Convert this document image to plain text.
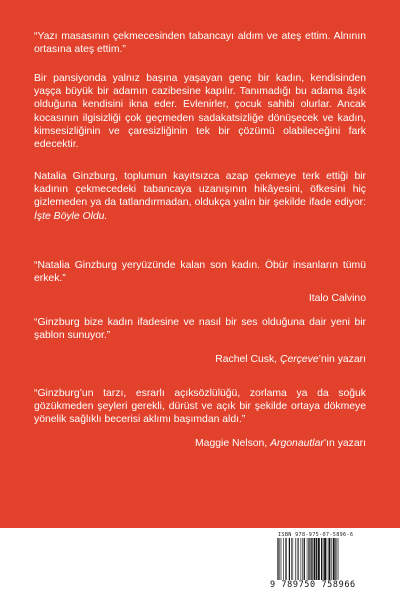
“Yazı masasının çekmecesinden tabancayı aldım ve ateş ettim. Alnının ortasına ateş ettim.”

Bir pansiyonda yalnız başına yaşayan genç bir kadın, kendisinden yaşça büyük bir adamın cazibesine kapılır. Tanımadığı bu adama âşık olduğuna kendisini ikna eder. Evlenirler, çocuk sahibi olurlar. Ancak kocasının ilgisizliği çok geçmeden sadakatsizliğe dönüşecek ve kadın, kimsesizliğinin ve çaresizliğinin tek bir çözümü olabileceğini fark edecektir.

Natalia Ginzburg, toplumun kayıtsızca azap çekmeye terk ettiği bir kadının çekmecedeki tabancaya uzanışının hikâyesini, öfkesini hiç gizlemeden ya da tatlandırmadan, oldukça yalın bir şekilde ifade ediyor: İşte Böyle Oldu.

“Natalia Ginzburg yeryüzünde kalan son kadın. Öbür insanların tümü erkek.”

Italo Calvino

“Ginzburg bize kadın ifadesine ve nasıl bir ses olduğuna dair yeni bir şablon sunuyor.”

Rachel Cusk, Çerçeve’nin yazarı

“Ginzburg’un tarzı, esrarlı açıksözlülüğü, zorlama ya da soğuk gözükmeden şeyleri gerekli, dürüst ve açık bir şekilde ortaya dökmeye yönelik sağlıklı becerisi aklımı başımdan aldı.”

Maggie Nelson, Argonautlar’ın yazarı

ISBN 978-975-07-5896-6
9 789750 758966
